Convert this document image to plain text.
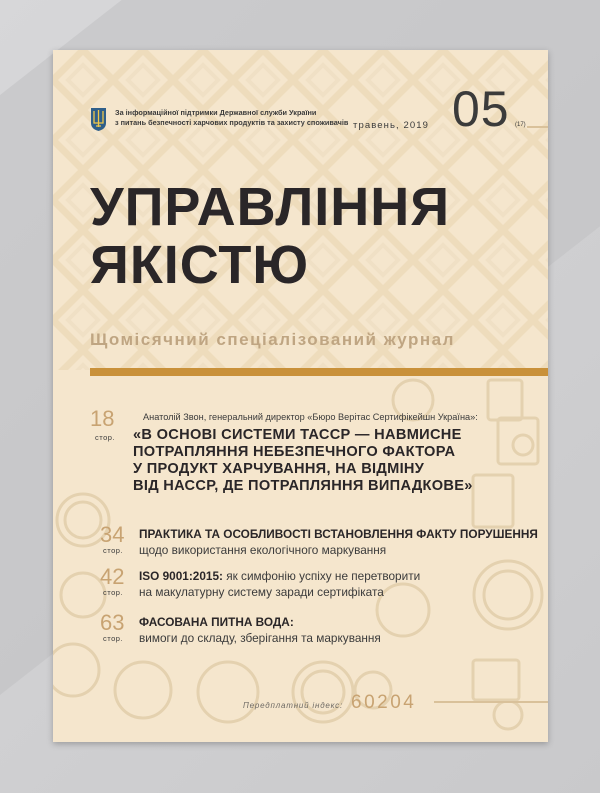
За інформаційної підтримки Державної служби України
з питань безпечності харчових продуктів та захисту споживачів травень, 2019 05 (17)
УПРАВЛІННЯ
ЯКІСТЮ
Щомісячний спеціалізований журнал
18
стор.
Анатолій Звон, генеральний директор «Бюро Верітас Сертифікейшн Україна»:
«В ОСНОВІ СИСТЕМИ ТАССР — НАВМИСНЕ
ПОТРАПЛЯННЯ НЕБЕЗПЕЧНОГО ФАКТОРА
У ПРОДУКТ ХАРЧУВАННЯ, НА ВІДМІНУ
ВІД НАССР, ДЕ ПОТРАПЛЯННЯ ВИПАДКОВЕ»
34
стор.
ПРАКТИКА ТА ОСОБЛИВОСТІ ВСТАНОВЛЕННЯ ФАКТУ ПОРУШЕННЯ
щодо використання екологічного маркування
42
стор.
ISO 9001:2015: як симфонію успіху не перетворити
на макулатурну систему заради сертифіката
63
стор.
ФАСОВАНА ПИТНА ВОДА:
вимоги до складу, зберігання та маркування
Передплатний індекс: 60204
